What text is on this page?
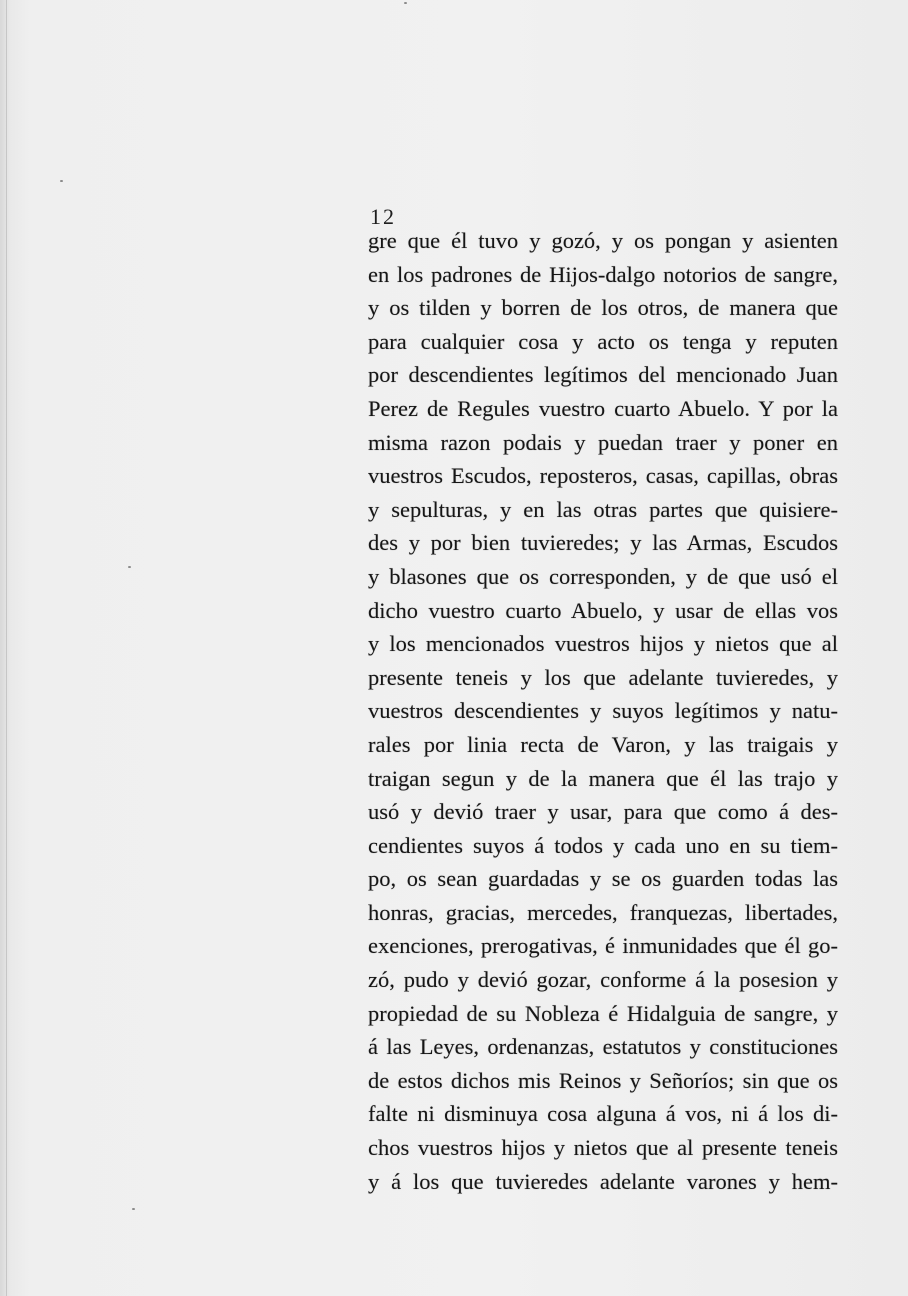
12
gre que él tuvo y gozó, y os pongan y asienten
en los padrones de Hijos-dalgo notorios de sangre,
y os tilden y borren de los otros, de manera que
para cualquier cosa y acto os tenga y reputen
por descendientes legítimos del mencionado Juan
Perez de Regules vuestro cuarto Abuelo. Y por la
misma razon podais y puedan traer y poner en
vuestros Escudos, reposteros, casas, capillas, obras
y sepulturas, y en las otras partes que quisiere-
des y por bien tuvieredes; y las Armas, Escudos
y blasones que os corresponden, y de que usó el
dicho vuestro cuarto Abuelo, y usar de ellas vos
y los mencionados vuestros hijos y nietos que al
presente teneis y los que adelante tuvieredes, y
vuestros descendientes y suyos legítimos y natu-
rales por linia recta de Varon, y las traigais y
traigan segun y de la manera que él las trajo y
usó y devió traer y usar, para que como á des-
cendientes suyos á todos y cada uno en su tiem-
po, os sean guardadas y se os guarden todas las
honras, gracias, mercedes, franquezas, libertades,
exenciones, prerogativas, é inmunidades que él go-
zó, pudo y devió gozar, conforme á la posesion y
propiedad de su Nobleza é Hidalguia de sangre, y
á las Leyes, ordenanzas, estatutos y constituciones
de estos dichos mis Reinos y Señoríos; sin que os
falte ni disminuya cosa alguna á vos, ni á los di-
chos vuestros hijos y nietos que al presente teneis
y á los que tuvieredes adelante varones y hem-
